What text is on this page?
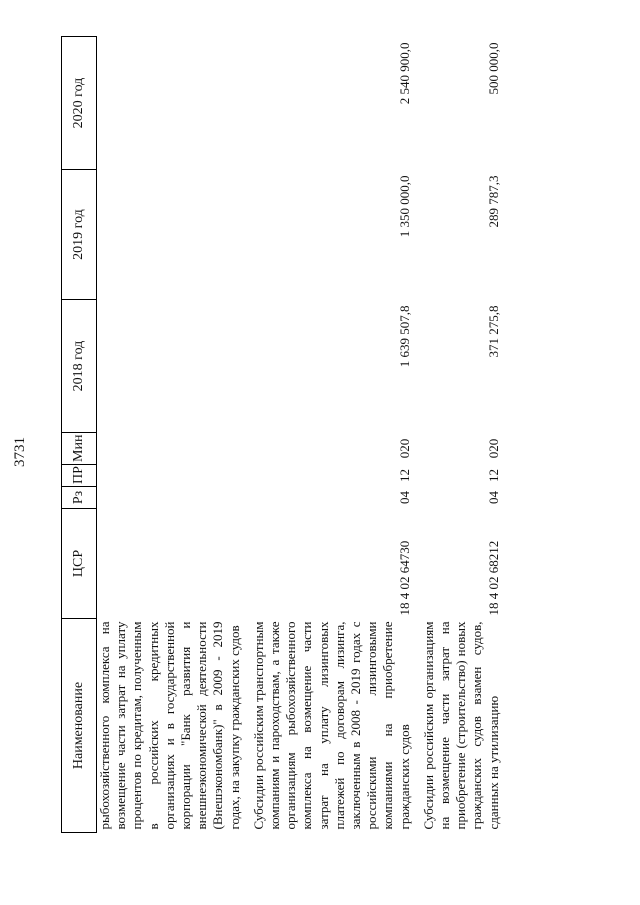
3731
Наименование	ЦСР	Рз	ПР	Мин	2018 год	2019 год	2020 год
рыбохозяйственного комплекса на возмещение части затрат на уплату процентов по кредитам, полученным в российских кредитных организациях и в государственной корпорации "Банк развития и внешнеэкономической деятельности (Внешэкономбанк)" в 2009 - 2019 годах, на закупку гражданских судов							
Субсидии российским транспортным компаниям и пароходствам, а также организациям рыбохозяйственного комплекса на возмещение части затрат на уплату лизинговых платежей по договорам лизинга, заключенным в 2008 - 2019 годах с российскими лизинговыми компаниями на приобретение гражданских судов	18 4 02 64730	04	12	020	1 639 507,8	1 350 000,0	2 540 900,0
Субсидии российским организациям на возмещение части затрат на приобретение (строительство) новых гражданских судов взамен судов, сданных на утилизацию	18 4 02 68212	04	12	020	371 275,8	289 787,3	500 000,0
